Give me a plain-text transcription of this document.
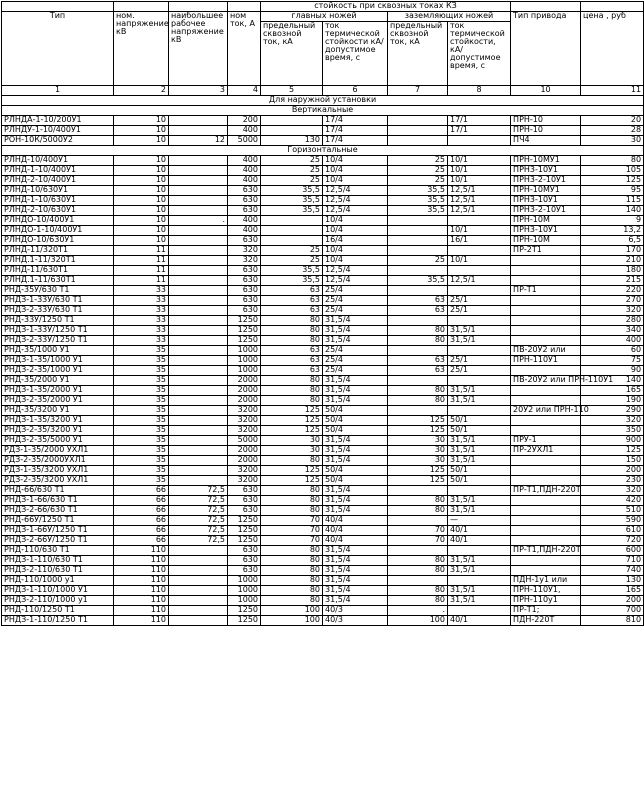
				стойкость при сквозных токах КЗ					
Тип	ном. напряжение кВ	наибольшее рабочее напряжение кВ	ном ток, А	главных ножей		заземляющих ножей		Тип привода	цена , руб
				предельный сквозной ток, кА	ток термической стойкости кА/допустимое время, с	предельный сквозной ток, кА	ток термической стойкости, кА/ допустимое время, с		
1	2	3	4	5	6	7	8	10	11
Для наружной установки									
Вертикальные									
РЛНДА-1-10/200У1	10		200		17/4		17/1	ПРН-10	20
РЛНДУ-1-10/400У1	10		400		17/4		17/1	ПРН-10	28
РОН-10К/5000У2	10	12	5000	130	17/4			ПЧ4	30
Горизонтальные									
РЛНД-10/400У1	10		400	25	10/4	25	10/1	ПРН-10МУ1	80
РЛНД-1-10/400У1	10		400	25	10/4	25	10/1	ПРН3-10У1	105
РЛНД-2-10/400У1	10		400	25	10/4	25	10/1	ПРН3-2-10У1	125
РЛНД-10/630У1	10		630	35,5	12,5/4	35,5	12,5/1	ПРН-10МУ1	95
РЛНД-1-10/630У1	10		630	35,5	12,5/4	35,5	12,5/1	ПРН3-10У1	115
РЛНД-2-10/630У1	10		630	35,5	12,5/4	35,5	12,5/1	ПРН3-2-10У1	140
РЛНДО-10/400У1	10	.	400		10/4			ПРН-10М	9
РЛНДО-1-10/400У1	10		400		10/4		10/1	ПРН3-10У1	13,2
РЛНДО-10/630У1	10		630		16/4		16/1	ПРН-10М	6,5
РЛНД-11/320Т1	11		320	25	10/4			ПР-2Т1	170
РЛНД.1-11/320Т1	11		320	25	10/4	25	10/1		210
РЛНД-11/630Т1	11		630	35,5	12,5/4				180
РЛНД.1-11/630Т1	11		630	35,5	12,5/4	35,5	12,5/1		215
РНД-35У/630 Т1	33		630	63	25/4			ПР-Т1	220
РНДЗ-1-33У/630 Т1	33		630	63	25/4	63	25/1		270
РНДЗ-2-33У/630 Т1	33		630	63	25/4	63	25/1		320
РНД-33У/1250 Т1	33		1250	80	31,5/4				280
РНДЗ-1-33У/1250 Т1	33		1250	80	31,5/4	80	31,5/1		340
РНДЗ-2-33У/1250 Т1	33		1250	80	31,5/4	80	31,5/1		400
РНД-35/1000 У1	35		1000	63	25/4			ПВ-20У2 или	60
РНДЗ-1-35/1000 У1	35		1000	63	25/4	63	25/1	ПРН-110У1	75
РНДЗ-2-35/1000 У1	35		1000	63	25/4	63	25/1		90
РНД-35/2000 У1	35		2000	80	31,5/4			ПВ-20У2 или ПРН-110У1	140
РНДЗ-1-35/2000 У1	35		2000	80	31,5/4	80	31,5/1		165
РНДЗ-2-35/2000 У1	35		2000	80	31,5/4	80	31,5/1		190
РНД-35/3200 У1	35		3200	125	50/4			20У2 или ПРН-110	290
РНДЗ-1-35/3200 У1	35		3200	125	50/4	125	50/1		320
РНДЗ-2-35/3200 У1	35		3200	125	50/4	125	50/1		350
РНДЗ-2-35/5000 У1	35		5000	30	31,5/4	30	31,5/1	ПРУ-1	900
РДЗ-1-35/2000 УХЛ1	35		2000	30	31,5/4	30	31,5/1	ПР-2УХЛ1	125
РДЗ-2-35/2000УХЛ1	35		2000	80	31,5/4	30	31,5/1		150
РДЗ-1-35/3200 УХЛ1	35		3200	125	50/4	125	50/1		200
РДЗ-2-35/3200 УХЛ1	35		3200	125	50/4	125	50/1		230
РНД-66/630 Т1	66	72,5	630	80	31,5/4			ПР-Т1,ПДН-220Т	320
РНДЗ-1-66/630 Т1	66	72,5	630	80	31,5/4	80	31,5/1		420
РНДЗ-2-66/630 Т1	66	72,5	630	80	31,5/4	80	31,5/1		510
РНД-66У/1250 Т1	66	72,5	1250	70	40/4		—		590
РНДЗ-1-66У/1250 Т1	66	72,5	1250	70	40/4	70	40/1		610
РНДЗ-2-66У/1250 Т1	66	72,5	1250	70	40/4	70	40/1		720
РНД-110/630 Т1	110		630	80	31,5/4			ПР-Т1,ПДН-220Т	600
РНДЗ-1-110/630 Т1	110		630	80	31,5/4	80	31,5/1		710
РНДЗ-2-110/630 Т1	110		630	80	31,5/4	80	31,5/1		740
РНД-110/1000 у1	110		1000	80	31,5/4			ПДН-1у1 или	130
РНДЗ-1-110/1000 У1	110		1000	80	31,5/4	80	31,5/1	ПРН-110У1,	165
РНДЗ-2-110/1000 у1	110		1000	80	31,5/4	80	31,5/1	ПРН-110у1	200
РНД-110/1250 Т1	110		1250	100	40/3	.		ПР-Т1;	700
РНДЗ-1-110/1250 Т1	110		1250	100	40/3	100	40/1	ПДН-220Т	810
